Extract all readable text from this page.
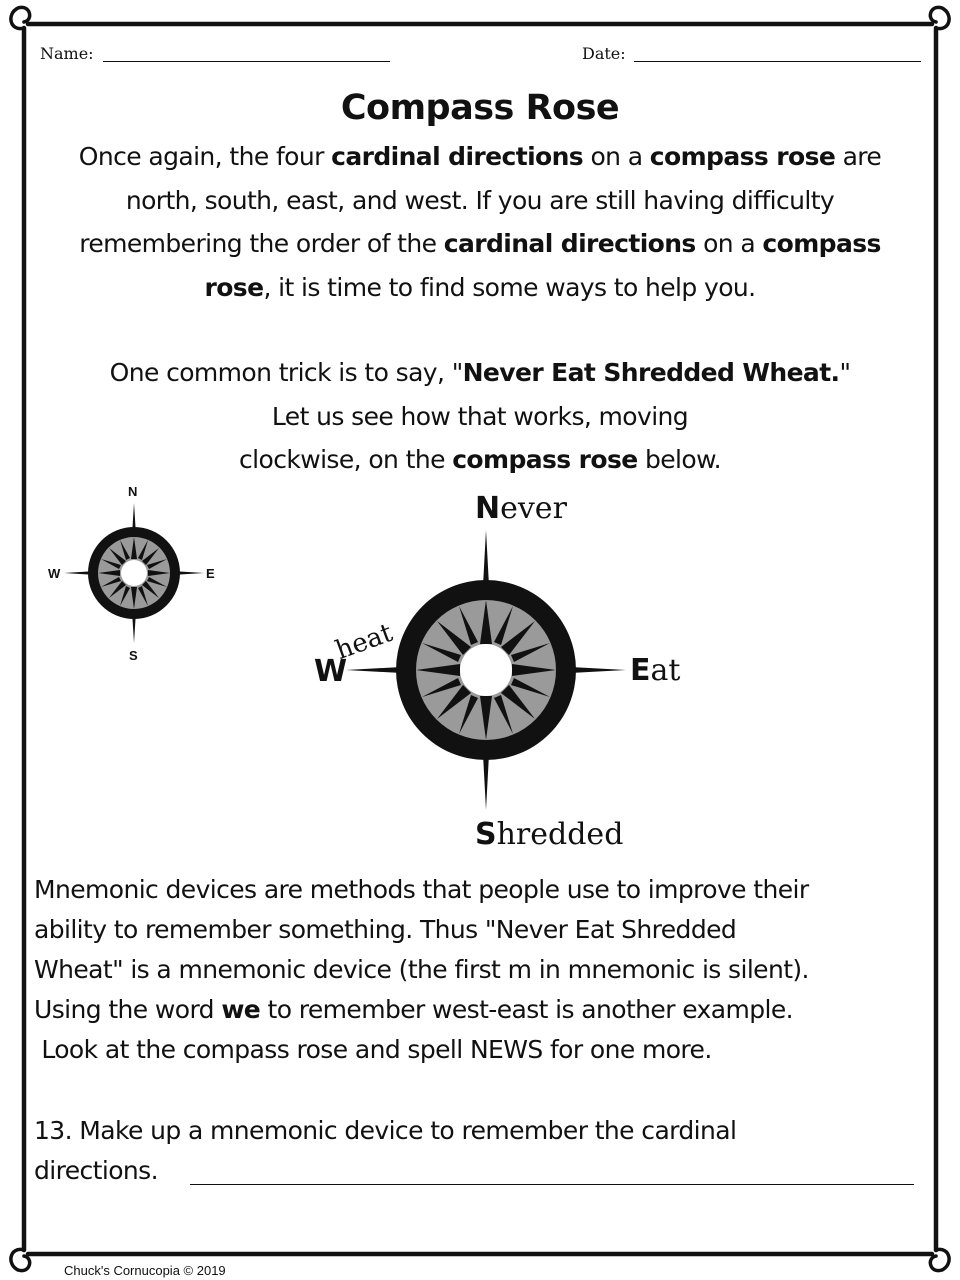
Name:	Date:
Compass Rose
Once again, the four cardinal directions on a compass rose are
north, south, east, and west. If you are still having difficulty
remembering the order of the cardinal directions on a compass
rose, it is time to find some ways to help you.
One common trick is to say, "Never Eat Shredded Wheat."
Let us see how that works, moving
clockwise, on the compass rose below.
N
S
E
W
Never
Eat
Shredded
W
heat
Mnemonic devices are methods that people use to improve their
ability to remember something. Thus "Never Eat Shredded
Wheat" is a mnemonic device (the first m in mnemonic is silent).
Using the word we to remember west-east is another example.
Look at the compass rose and spell NEWS for one more.
13. Make up a mnemonic device to remember the cardinal
directions.
Chuck's Cornucopia © 2019
